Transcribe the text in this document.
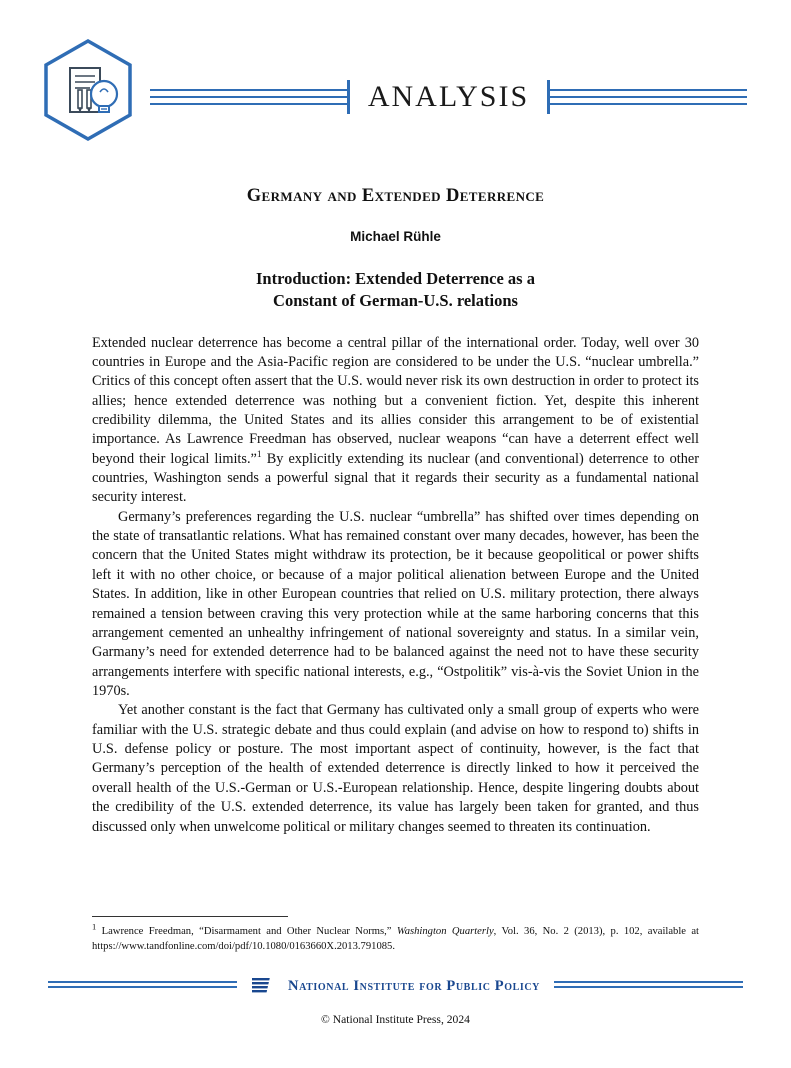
ANALYSIS
Germany and Extended Deterrence
Michael Rühle
Introduction: Extended Deterrence as a
Constant of German-U.S. relations

Extended nuclear deterrence has become a central pillar of the international order. Today, well over 30 countries in Europe and the Asia-Pacific region are considered to be under the U.S. “nuclear umbrella.” Critics of this concept often assert that the U.S. would never risk its own destruction in order to protect its allies; hence extended deterrence was nothing but a convenient fiction. Yet, despite this inherent credibility dilemma, the United States and its allies consider this arrangement to be of existential importance. As Lawrence Freedman has observed, nuclear weapons “can have a deterrent effect well beyond their logical limits.”$^1$ By explicitly extending its nuclear (and conventional) deterrence to other countries, Washington sends a powerful signal that it regards their security as a fundamental national security interest.

Germany’s preferences regarding the U.S. nuclear “umbrella” has shifted over times depending on the state of transatlantic relations. What has remained constant over many decades, however, has been the concern that the United States might withdraw its protection, be it because geopolitical or power shifts left it with no other choice, or because of a major political alienation between Europe and the United States. In addition, like in other European countries that relied on U.S. military protection, there always remained a tension between craving this very protection while at the same harboring concerns that this arrangement cemented an unhealthy infringement of national sovereignty and status. In a similar vein, Garmany’s need for extended deterrence had to be balanced against the need not to have these security arrangements interfere with specific national interests, e.g., “Ostpolitik” vis-à-vis the Soviet Union in the 1970s.

Yet another constant is the fact that Germany has cultivated only a small group of experts who were familiar with the U.S. strategic debate and thus could explain (and advise on how to respond to) shifts in U.S. defense policy or posture. The most important aspect of continuity, however, is the fact that Germany’s perception of the health of extended deterrence is directly linked to how it perceived the overall health of the U.S.-German or U.S.-European relationship. Hence, despite lingering doubts about the credibility of the U.S. extended deterrence, its value has largely been taken for granted, and thus discussed only when unwelcome political or military changes seemed to threaten its continuation.

$^1$ Lawrence Freedman, “Disarmament and Other Nuclear Norms,” Washington Quarterly, Vol. 36, No. 2 (2013), p. 102, available at https://www.tandfonline.com/doi/pdf/10.1080/0163660X.2013.791085.
National Institute for Public Policy
© National Institute Press, 2024
